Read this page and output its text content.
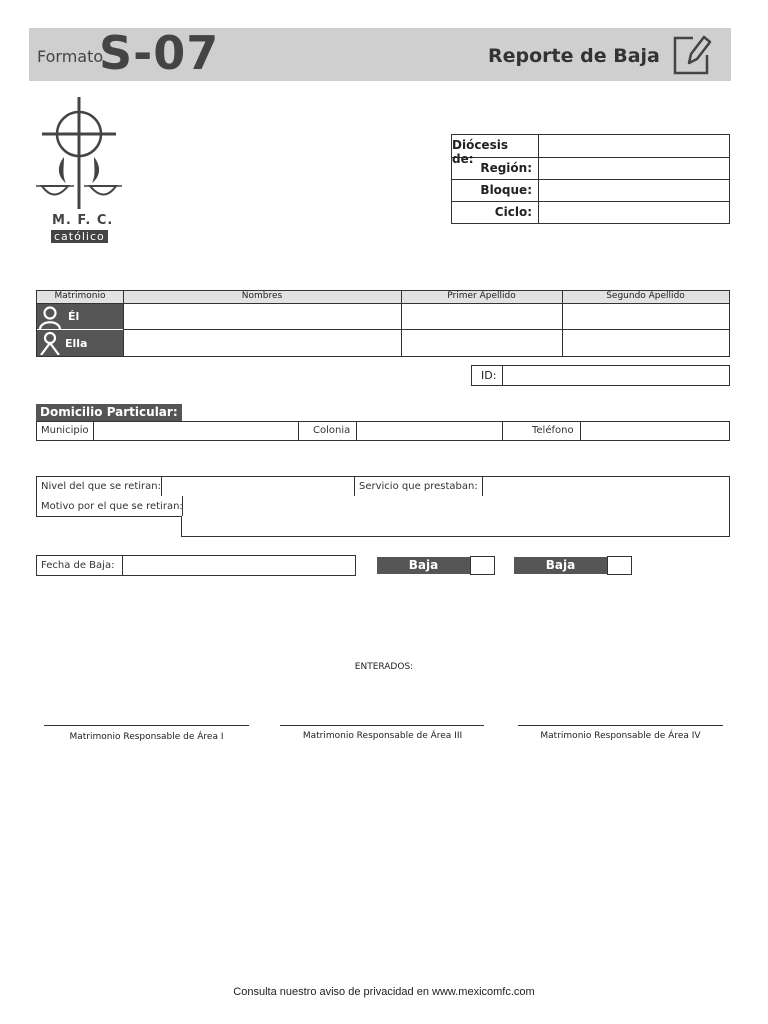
Formato
S-07	Reporte de Baja
M. F. C.
católico
Diócesis de:
Región:
Bloque:
Ciclo:
Matrimonio	Nombres	Primer Apellido	Segundo Apellido
Él
Ella
ID:
Domicilio Particular:
Municipio	Colonia	Teléfono
Nivel del que se retiran:	Servicio que prestaban:
Motivo por el que se retiran:
Fecha de Baja:	Baja Temporal
Baja Definitiva
ENTERADOS:
Matrimonio Responsable de Área I	Matrimonio Responsable de Área III	Matrimonio Responsable de Área IV
Consulta nuestro aviso de privacidad en www.mexicomfc.com
